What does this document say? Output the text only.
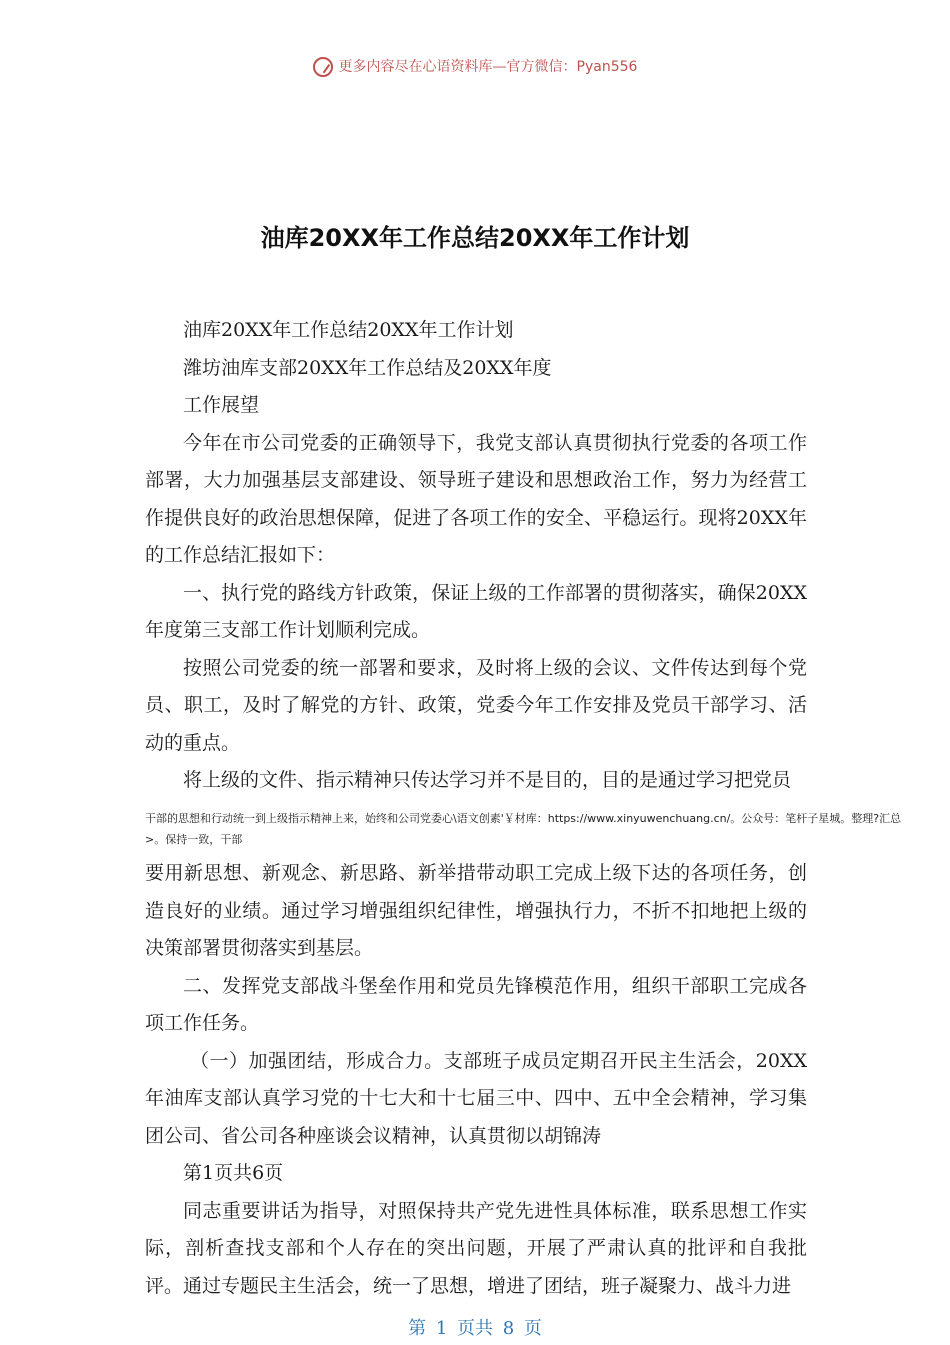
更多内容尽在心语资料库—官方微信：Pyan556
油库20XX年工作总结20XX年工作计划

油库20XX年工作总结20XX年工作计划

潍坊油库支部20XX年工作总结及20XX年度

工作展望

今年在市公司党委的正确领导下，我党支部认真贯彻执行党委的各项工作部署，大力加强基层支部建设、领导班子建设和思想政治工作，努力为经营工作提供良好的政治思想保障，促进了各项工作的安全、平稳运行。现将20XX年的工作总结汇报如下：

一、执行党的路线方针政策，保证上级的工作部署的贯彻落实，确保20XX年度第三支部工作计划顺利完成。

按照公司党委的统一部署和要求，及时将上级的会议、文件传达到每个党员、职工，及时了解党的方针、政策，党委今年工作安排及党员干部学习、活动的重点。

将上级的文件、指示精神只传达学习并不是目的，目的是通过学习把党员

干部的思想和行动统一到上级指示精神上来，始终和公司党委心\语文创素'￥材库：https://www.xinyuwenchuang.cn/。公众号：笔杆子星城。整理?汇总>。保持一致，干部

要用新思想、新观念、新思路、新举措带动职工完成上级下达的各项任务，创造良好的业绩。通过学习增强组织纪律性，增强执行力，不折不扣地把上级的决策部署贯彻落实到基层。

二、发挥党支部战斗堡垒作用和党员先锋模范作用，组织干部职工完成各项工作任务。

（一）加强团结，形成合力。支部班子成员定期召开民主生活会，20XX年油库支部认真学习党的十七大和十七届三中、四中、五中全会精神，学习集团公司、省公司各种座谈会议精神，认真贯彻以胡锦涛

第1页共6页

同志重要讲话为指导，对照保持共产党先进性具体标准，联系思想工作实际，剖析查找支部和个人存在的突出问题，开展了严肃认真的批评和自我批评。通过专题民主生活会，统一了思想，增进了团结，班子凝聚力、战斗力进

第 1 页共 8 页
